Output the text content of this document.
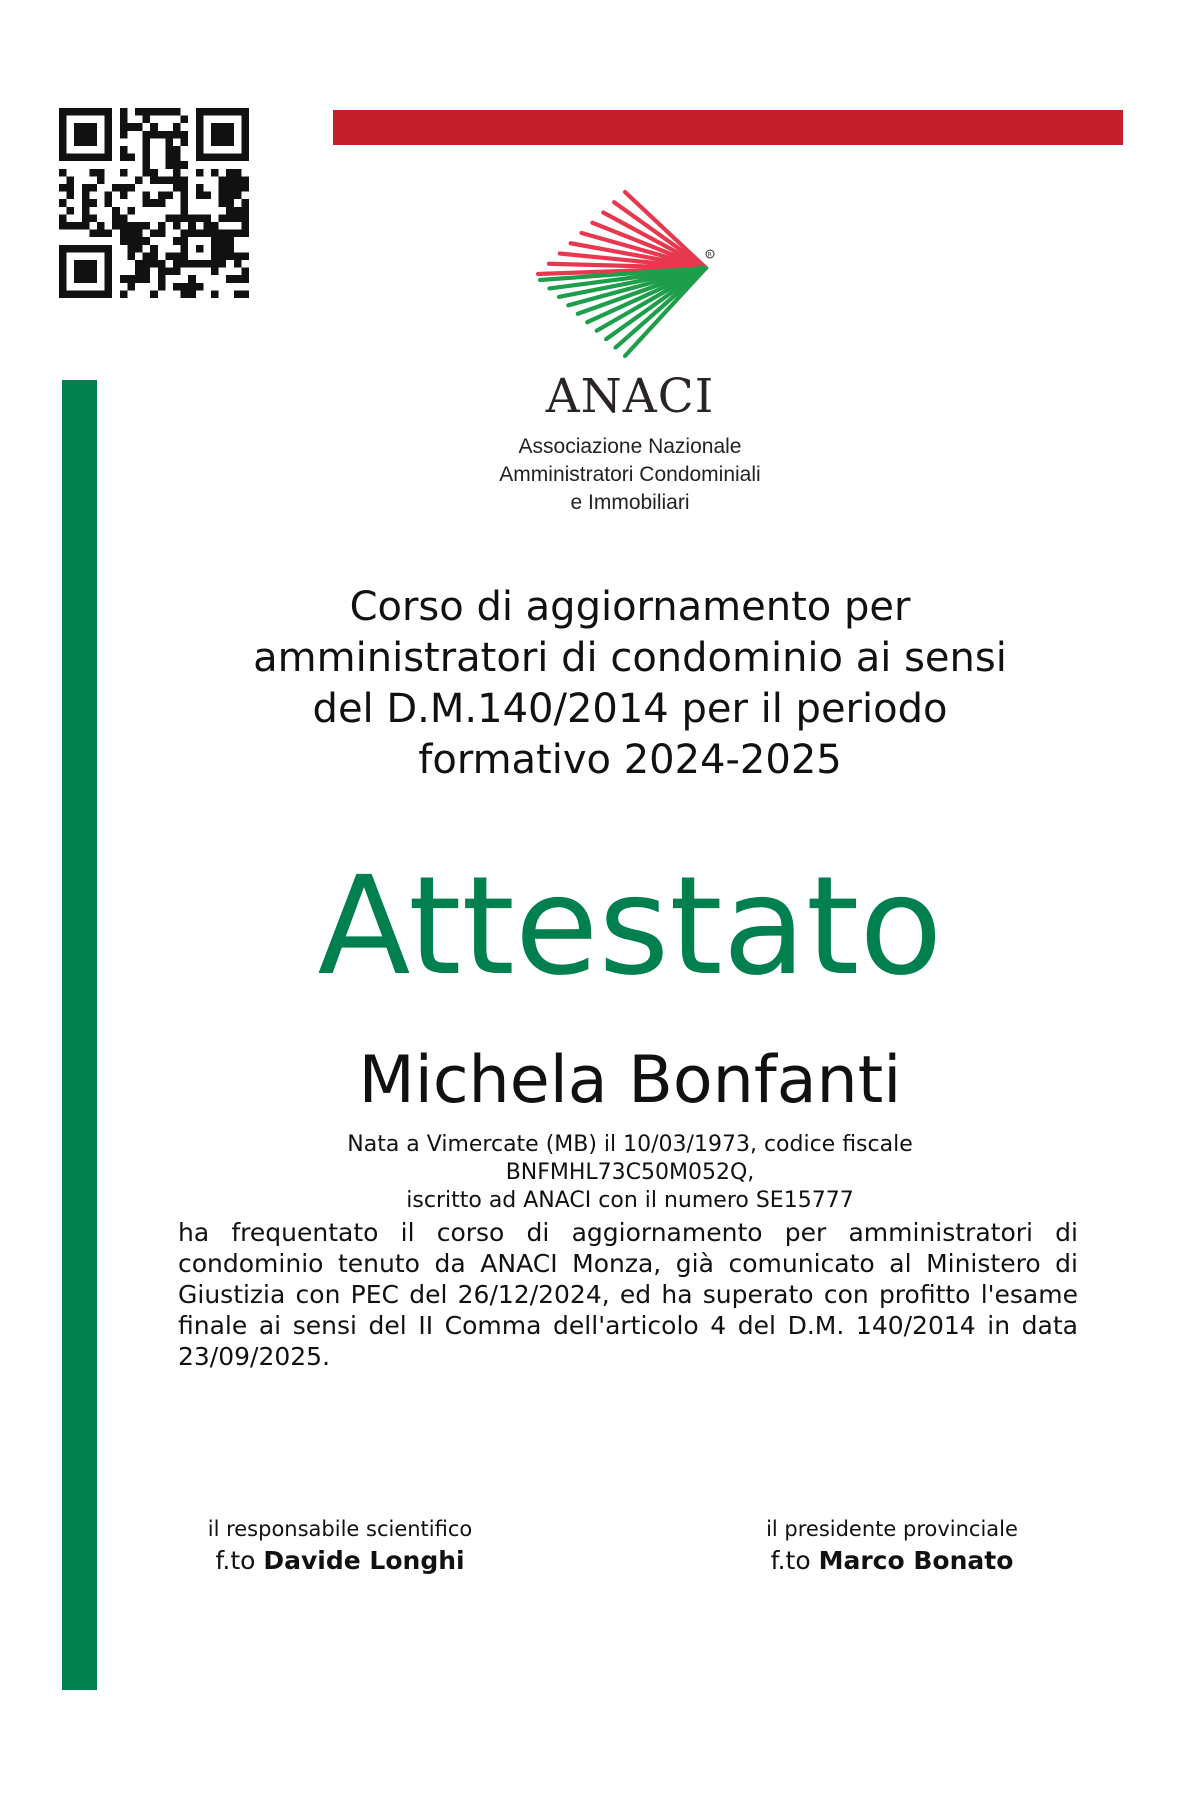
R
ANACI
Associazione Nazionale
Amministratori Condominiali
e Immobiliari
Corso di aggiornamento per
amministratori di condominio ai sensi
del D.M.140/2014 per il periodo
formativo 2024-2025
Attestato
Michela Bonfanti
Nata a Vimercate (MB) il 10/03/1973, codice fiscale
BNFMHL73C50M052Q,
iscritto ad ANACI con il numero SE15777
ha frequentato il corso di aggiornamento per amministratori di condominio tenuto da ANACI Monza, già comunicato al Ministero di Giustizia con PEC del 26/12/2024, ed ha superato con profitto l'esame finale ai sensi del II Comma dell'articolo 4 del D.M. 140/2014 in data 23/09/2025.
il responsabile scientifico
f.to Davide Longhi
il presidente provinciale
f.to Marco Bonato
